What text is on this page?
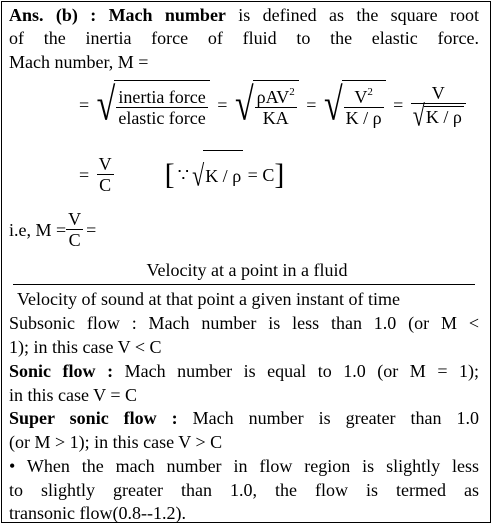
Ans. (b) : Mach number is defined as the square root
of the inertia force of fluid to the elastic force.
Mach number, M =
= √ $\frac{\text{inertia force}}{\text{elastic force}}$ = √ $\frac{\rho AV^2}{KA}$ = √ $\frac{V^2}{K / \rho} = \frac{V}{√K / \rho}$
= $\frac{V}{C}$ [ ∵ √K / ρ = C]
i.e, $M = \frac{V}{C}$ =
Velocity at a point in a fluid
Velocity of sound at that point a given instant of time
Subsonic flow : Mach number is less than 1.0 (or M <
1); in this case V < C
Sonic flow : Mach number is equal to 1.0 (or M = 1);
in this case V = C
Super sonic flow : Mach number is greater than 1.0
(or M > 1); in this case V > C
• When the mach number in flow region is slightly less
to slightly greater than 1.0, the flow is termed as
transonic flow(0.8--1.2).
